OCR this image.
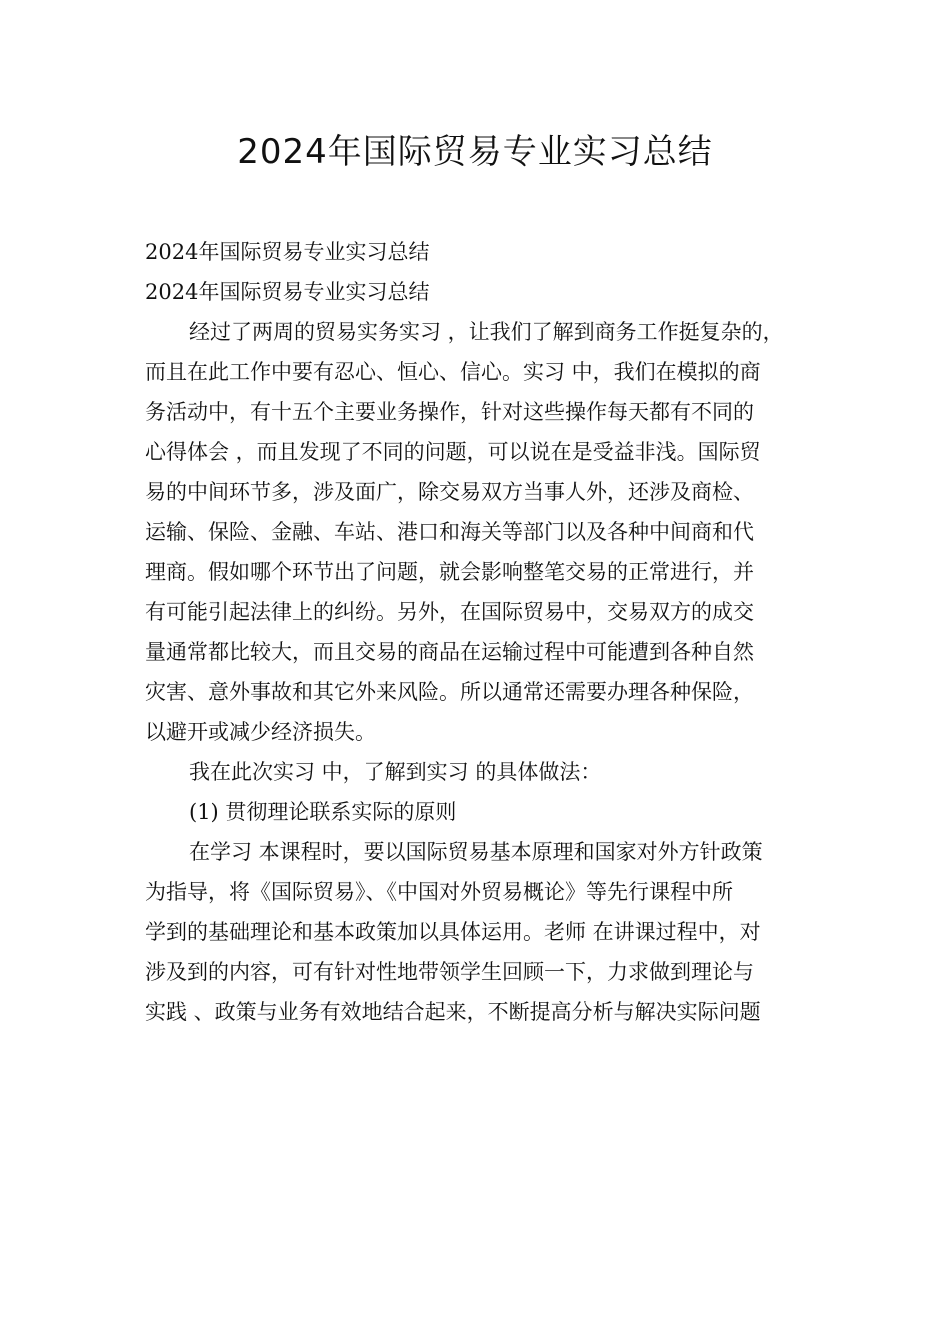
2024年国际贸易专业实习总结
2024年国际贸易专业实习总结
2024年国际贸易专业实习总结
经过了两周的贸易实务实习 ，让我们了解到商务工作挺复杂的，
而且在此工作中要有忍心、恒心、信心。实习 中，我们在模拟的商
务活动中，有十五个主要业务操作，针对这些操作每天都有不同的
心得体会 ，而且发现了不同的问题，可以说在是受益非浅。国际贸
易的中间环节多，涉及面广，除交易双方当事人外，还涉及商检、
运输、保险、金融、车站、港口和海关等部门以及各种中间商和代
理商。假如哪个环节出了问题，就会影响整笔交易的正常进行，并
有可能引起法律上的纠纷。另外，在国际贸易中，交易双方的成交
量通常都比较大，而且交易的商品在运输过程中可能遭到各种自然
灾害、意外事故和其它外来风险。所以通常还需要办理各种保险，
以避开或减少经济损失。
我在此次实习 中，了解到实习 的具体做法：
(1) 贯彻理论联系实际的原则
在学习 本课程时，要以国际贸易基本原理和国家对外方针政策
为指导，将《国际贸易》、《中国对外贸易概论》等先行课程中所
学到的基础理论和基本政策加以具体运用。老师 在讲课过程中，对
涉及到的内容，可有针对性地带领学生回顾一下，力求做到理论与
实践 、政策与业务有效地结合起来，不断提高分析与解决实际问题
